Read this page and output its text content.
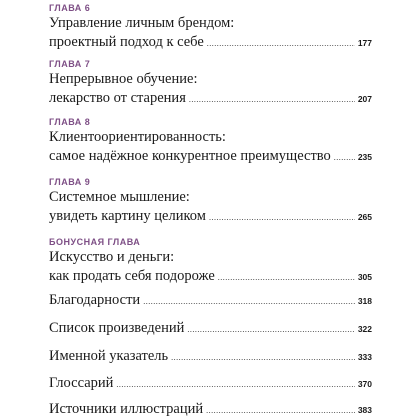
ГЛАВА 6
Управление личным брендом:
проектный подход к себе .....	177
ГЛАВА 7
Непрерывное обучение:
лекарство от старения .....	207
ГЛАВА 8
Клиентоориентированность:
самое надёжное конкурентное преимущество .....	235
ГЛАВА 9
Системное мышление:
увидеть картину целиком .....	265
БОНУСНАЯ ГЛАВА
Искусство и деньги:
как продать себя подороже .....	305
Благодарности .....	318
Список произведений .....	322
Именной указатель .....	333
Глоссарий .....	370
Источники иллюстраций .....	383
